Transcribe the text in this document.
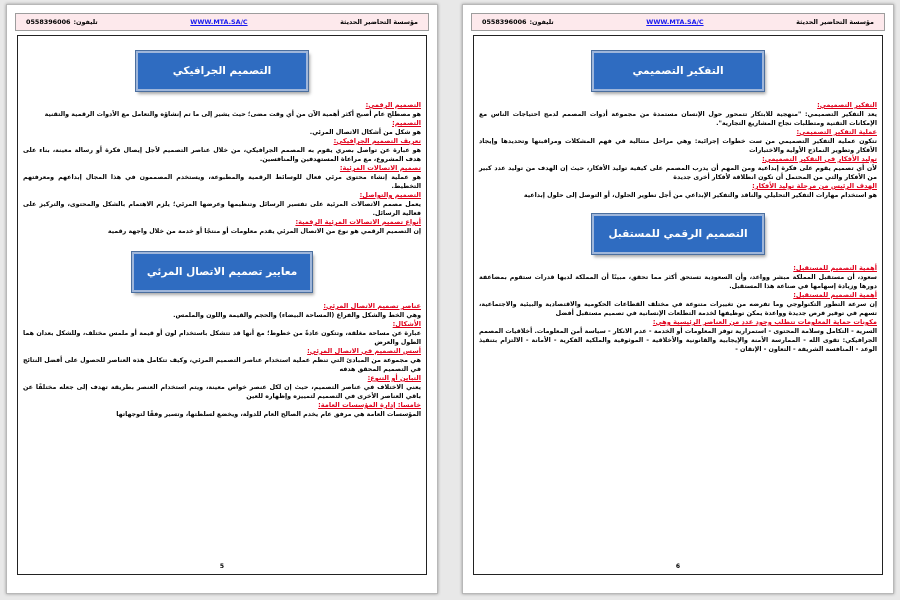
تليفون:
0558396006	WWW.MTA.SA/C	مؤسسة التحاضير الحديثة
التصميم الجرافيكي

التصميم الرقمي:

هو مصطلح عام أصبح أكثر أهمية الآن من أي وقت مضى؛ حيث يشير إلى ما تم إنشاؤه والتعامل مع الأدوات الرقمية والتقنية

التصميم:

هو شكل من أشكال الاتصال المرئي.

تعريف التصميم الجرافيكي:

هو عبارة عن تواصل بصري يقوم به المصمم الجرافيكي، من خلال عناصر التصميم لأجل إيصال فكرة أو رسالة معينة، بناء على هدف المشروع، مع مراعاة المستهدفين والمنافسين.

تصميم الاتصالات المرئية:

هو عملية إنشاء محتوى مرئي فعال للوسائط الرقمية والمطبوعة، ويستخدم المصممون في هذا المجال إبداعهم ومعرفتهم التخطيط.

التصميم والتواصل:

يعمل مصمم الاتصالات المرئية على تفسير الرسائل وتنظيمها وعرضها المرئي؛ يلزم الاهتمام بالشكل والمحتوى، والتركيز على فعالية الرسائل.

أنواع تصميم الاتصالات المرئية الرقمية:

إن التصميم الرقمي هو نوع من الاتصال المرئي يقدم معلومات أو منتجًا أو خدمة من خلال واجهة رقمية

معايير تصميم الاتصال المرئي

عناصر تصميم الاتصال المرئي:

وهي الخط والشكل والفراغ (المساحة البيضاء) والحجم والقيمة واللون والملمس.

الأشكال:

عبارة عن مساحة مغلقة، وتتكون عادةً من خطوط؛ مع أنها قد تتشكل باستخدام لون أو قيمة أو ملمس مختلف، وللشكل بعدان هما الطول والعرض

أسس التصميم في الاتصال المرئي:

هي مجموعة من المبادئ التي تنظم عملية استخدام عناصر التصميم المرئي، وكيف تتكامل هذه العناصر للحصول على أفضل النتائج في التصميم المحقق هدفه

التباين أو التنوع:

يعني الاختلاف في عناصر التصميم، حيث إن لكل عنصر خواص معينة، ويتم استخدام العنصر بطريقة تهدف إلى جعله مختلفًا عن باقي العناصر الأخرى في التصميم لتمييزه وإظهاره للعين

خامسا: إدارة المؤسسات العامة:

المؤسسات العامة هي مرفق عام يخدم الصالح العام للدولة، ويخضع لسلطتها، وتسير وفقًا لتوجهاتها

5
تليفون:
0558396006	WWW.MTA.SA/C	مؤسسة التحاضير الحديثة
التفكير التصميمي

التفكير التصميمي:

يعد التفكير التصميمي: "منهجية للابتكار تتمحور حول الإنسان مستمدة من مجموعة أدوات المصمم لدمج احتياجات الناس مع الإمكانات التقنية ومتطلبات نجاح المشاريع التجارية".

عملية التفكير التصميمي:

تتكون عملية التفكير التصميمي من ست خطوات إجرائية: وهي مراحل متتالية في فهم المشكلات ومراقبتها وتحديدها وإيجاد الأفكار وتطوير النماذج الأولية والاختبارات

توليد الأفكار في التفكير التصميمي:

لأن أي تصميم يقوم على فكرة إبداعية ومن المهم أن يدرب المصمم على كيفية توليد الأفكار، حيث إن الهدف من توليد عدد كبير من الأفكار والتي من المحتمل أن تكون انطلاقة لأفكار أخرى جديدة

الهدف الرئيس من مرحلة توليد الأفكار:

هو استخدام مهارات التفكير التحليلي والناقد والتفكير الإبداعي من أجل تطوير الحلول، أو التوصل إلى حلول إبداعية

التصميم الرقمي للمستقبل

أهمية التصميم للمستقبل:

سعود، أن مستقبل المملكة مبشر وواعد، وأن السعودية تستحق أكثر مما تحقق، مبينًا أن المملكة لديها قدرات ستقوم بمضاعفة دورها وزيادة إسهامها في صناعة هذا المستقبل.

أهمية التصميم للمستقبل:

إن سرعة التطور التكنولوجي وما تفرضه من تغييرات متنوعة في مختلف القطاعات الحكومية والاقتصادية والبيئية والاجتماعية، تسهم في توفير فرص جديدة وواعدة يمكن توظيفها لخدمة التطلعات الإنسانية في تصميم مستقبل أفضل

مكونات حماية المعلومات تتطلب وجود عدد من العناصر الرئيسية وهي:

السرية - التكامل وسلامة المحتوى - استمرارية توفر المعلومات أو الخدمة - عدم الانكار - سياسة أمن المعلومات. أخلاقيات المصمم الجرافيكي: تقوى الله - الممارسة الأمنة والإيجابية والقانونية والأخلاقية - الموثوقية والملكية الفكرية - الأمانة - الالتزام بتنفيذ الوعد - المنافسة الشريفة - التعاون - الإتقان -

6
